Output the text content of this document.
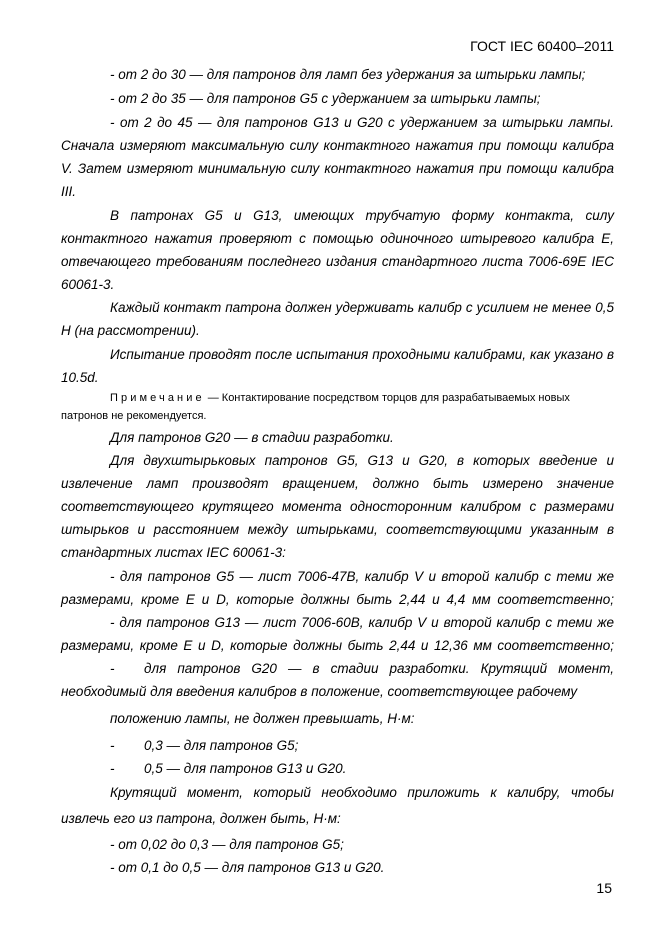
ГОСТ IEC 60400–2011
- от 2 до 30 — для патронов для ламп без удержания за штырьки лампы;
- от 2 до 35 — для патронов G5 с удержанием за штырьки лампы;
- от 2 до 45 — для патронов G13 и G20 с удержанием за штырьки лампы.
Сначала измеряют максимальную силу контактного нажатия при помощи калибра
V. Затем измеряют минимальную силу контактного нажатия при помощи калибра
III.
В патронах G5 и G13, имеющих трубчатую форму контакта, силу
контактного нажатия проверяют с помощью одиночного штыревого калибра E,
отвечающего требованиям последнего издания стандартного листа 7006-69E IEC
60061-3.
Каждый контакт патрона должен удерживать калибр с усилием не менее 0,5
Н (на рассмотрении).
Испытание проводят после испытания проходными калибрами, как указано в
10.5d.
Примечание — Контактирование посредством торцов для разрабатываемых новых
патронов не рекомендуется.
Для патронов G20 — в стадии разработки.
Для двухштырьковых патронов G5, G13 и G20, в которых введение и
извлечение ламп производят вращением, должно быть измерено значение
соответствующего крутящего момента односторонним калибром с размерами
штырьков и расстоянием между штырьками, соответствующими указанным в
стандартных листах IEC 60061-3:
- для патронов G5 — лист 7006-47B, калибр V и второй калибр с теми же
размерами, кроме E и D, которые должны быть 2,44 и 4,4 мм соответственно;
- для патронов G13 — лист 7006-60B, калибр V и второй калибр с теми же
размерами, кроме E и D, которые должны быть 2,44 и 12,36 мм соответственно;
- для патронов G20 — в стадии разработки. Крутящий момент,
необходимый для введения калибров в положение, соответствующее рабочему
положению лампы, не должен превышать, Н·м:
- 0,3 — для патронов G5;
- 0,5 — для патронов G13 и G20.
Крутящий момент, который необходимо приложить к калибру, чтобы
извлечь его из патрона, должен быть, Н·м:
- от 0,02 до 0,3 — для патронов G5;
- от 0,1 до 0,5 — для патронов G13 и G20.
15
